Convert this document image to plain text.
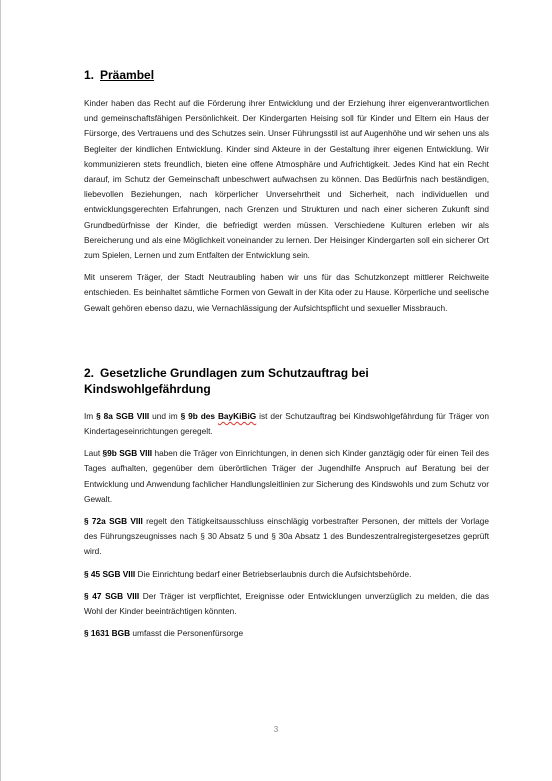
1. Präambel

Kinder haben das Recht auf die Förderung ihrer Entwicklung und der Erziehung ihrer eigenverantwortlichen und gemeinschaftsfähigen Persönlichkeit. Der Kindergarten Heising soll für Kinder und Eltern ein Haus der Fürsorge, des Vertrauens und des Schutzes sein. Unser Führungsstil ist auf Augenhöhe und wir sehen uns als Begleiter der kindlichen Entwicklung. Kinder sind Akteure in der Gestaltung ihrer eigenen Entwicklung. Wir kommunizieren stets freundlich, bieten eine offene Atmosphäre und Aufrichtigkeit. Jedes Kind hat ein Recht darauf, im Schutz der Gemeinschaft unbeschwert aufwachsen zu können. Das Bedürfnis nach beständigen, liebevollen Beziehungen, nach körperlicher Unversehrtheit und Sicherheit, nach individuellen und entwicklungsgerechten Erfahrungen, nach Grenzen und Strukturen und nach einer sicheren Zukunft sind Grundbedürfnisse der Kinder, die befriedigt werden müssen. Verschiedene Kulturen erleben wir als Bereicherung und als eine Möglichkeit voneinander zu lernen. Der Heisinger Kindergarten soll ein sicherer Ort zum Spielen, Lernen und zum Entfalten der Entwicklung sein.

Mit unserem Träger, der Stadt Neutraubling haben wir uns für das Schutzkonzept mittlerer Reichweite entschieden. Es beinhaltet sämtliche Formen von Gewalt in der Kita oder zu Hause. Körperliche und seelische Gewalt gehören ebenso dazu, wie Vernachlässigung der Aufsichtspflicht und sexueller Missbrauch.

2. Gesetzliche Grundlagen zum Schutzauftrag bei Kindswohlgefährdung

Im § 8a SGB VIII und im § 9b des BayKiBiG ist der Schutzauftrag bei Kindswohlgefährdung für Träger von Kindertageseinrichtungen geregelt.

Laut §9b SGB VIII haben die Träger von Einrichtungen, in denen sich Kinder ganztägig oder für einen Teil des Tages aufhalten, gegenüber dem überörtlichen Träger der Jugendhilfe Anspruch auf Beratung bei der Entwicklung und Anwendung fachlicher Handlungsleitlinien zur Sicherung des Kindswohls und zum Schutz vor Gewalt.

§ 72a SGB VIII regelt den Tätigkeitsausschluss einschlägig vorbestrafter Personen, der mittels der Vorlage des Führungszeugnisses nach § 30 Absatz 5 und § 30a Absatz 1 des Bundeszentralregistergesetzes geprüft wird.

§ 45 SGB VIII Die Einrichtung bedarf einer Betriebserlaubnis durch die Aufsichtsbehörde.

§ 47 SGB VIII Der Träger ist verpflichtet, Ereignisse oder Entwicklungen unverzüglich zu melden, die das Wohl der Kinder beeinträchtigen könnten.

§ 1631 BGB umfasst die Personenfürsorge

3
